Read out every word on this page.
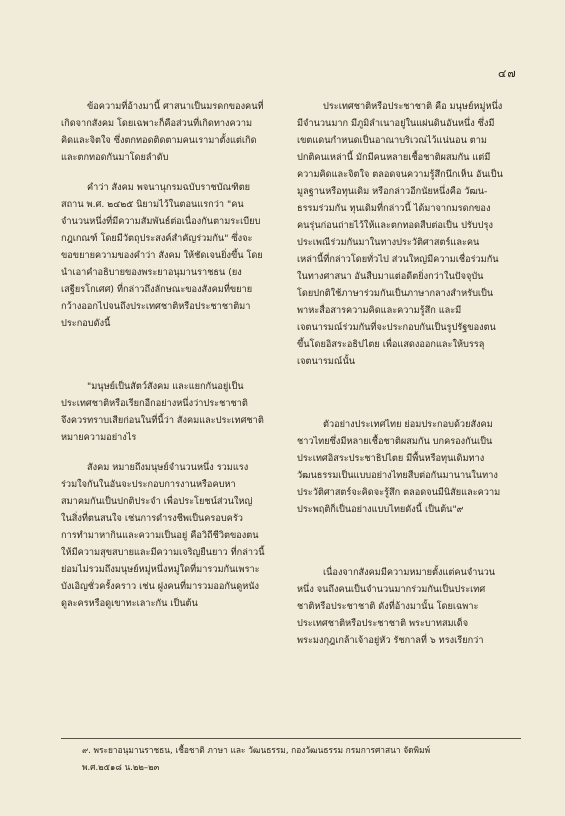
๔๗

ข้อความที่อ้างมานี้ ศาสนาเป็นมรดกของคนที่
เกิดจากสังคม โดยเฉพาะก็คือส่วนที่เกิดทางความ
คิดและจิตใจ ซึ่งตกทอดติดตามคนเรามาตั้งแต่เกิด
และตกทอดกันมาโดยลำดับ

คำว่า สังคม พจนานุกรมฉบับราชบัณฑิตย
สถาน พ.ศ. ๒๔๒๕ นิยามไว้ในตอนแรกว่า "คน
จำนวนหนึ่งที่มีความสัมพันธ์ต่อเนื่องกันตามระเบียบ
กฎเกณฑ์ โดยมีวัตถุประสงค์สำคัญร่วมกัน" ซึ่งจะ
ขอขยายความของคำว่า สังคม ให้ชัดเจนยิ่งขึ้น โดย
นำเอาคำอธิบายของพระยาอนุมานราชธน (ยง
เสฐียรโกเศศ) ที่กล่าวถึงลักษณะของสังคมที่ขยาย
กว้างออกไปจนถึงประเทศชาติหรือประชาชาติมา
ประกอบดังนี้

"มนุษย์เป็นสัตว์สังคม และแยกกันอยู่เป็น
ประเทศชาติหรือเรียกอีกอย่างหนึ่งว่าประชาชาติ
จึงควรทราบเสียก่อนในที่นี้ว่า สังคมและประเทศชาติ
หมายความอย่างไร

สังคม หมายถึงมนุษย์จำนวนหนึ่ง รวมแรง
ร่วมใจกันในอันจะประกอบการงานหรือคบหา
สมาคมกันเป็นปกติประจำ เพื่อประโยชน์ส่วนใหญ่
ในสิ่งที่ตนสนใจ เช่นการดำรงชีพเป็นครอบครัว
การทำมาหากินและความเป็นอยู่ คือวิถีชีวิตของตน
ให้มีความสุขสบายและมีความเจริญยืนยาว ที่กล่าวนี้
ย่อมไม่รวมถึงมนุษย์หมู่หนึ่งหมู่ใดที่มารวมกันเพราะ
บังเอิญชั่วครั้งคราว เช่น ฝูงคนที่มารวมออกันดูหนัง
ดูละครหรือดูเขาทะเลาะกัน เป็นต้น

ประเทศชาติหรือประชาชาติ คือ มนุษย์หมู่หนึ่ง
มีจำนวนมาก มีภูมิลำเนาอยู่ในแผ่นดินอันหนึ่ง ซึ่งมี
เขตแดนกำหนดเป็นอาณาบริเวณไว้แน่นอน ตาม
ปกติคนเหล่านี้ มักมีคนหลายเชื้อชาติผสมกัน แต่มี
ความคิดและจิตใจ ตลอดจนความรู้สึกนึกเห็น อันเป็น
มูลฐานหรือทุนเดิม หรือกล่าวอีกนัยหนึ่งคือ วัฒน-
ธรรมร่วมกัน ทุนเดิมที่กล่าวนี้ ได้มาจากมรดกของ
คนรุ่นก่อนถ่ายไว้ให้และตกทอดสืบต่อเป็น ปรับปรุง
ประเพณีร่วมกันมาในทางประวัติศาสตร์และคน
เหล่านี้ที่กล่าวโดยทั่วไป ส่วนใหญ่มีความเชื่อร่วมกัน
ในทางศาสนา อันสืบมาแต่อดีตยิ่งกว่าในปัจจุบัน
โดยปกติใช้ภาษาร่วมกันเป็นภาษากลางสำหรับเป็น
พาหะสื่อสารความคิดและความรู้สึก และมี
เจตนารมณ์ร่วมกันที่จะประกอบกันเป็นรูปรัฐของตน
ขึ้นโดยอิสระอธิปไตย เพื่อแสดงออกและให้บรรลุ
เจตนารมณ์นั้น

ตัวอย่างประเทศไทย ย่อมประกอบด้วยสังคม
ชาวไทยซึ่งมีหลายเชื้อชาติผสมกัน บกครองกันเป็น
ประเทศอิสระประชาธิปไตย มีพื้นหรือทุนเดิมทาง
วัฒนธรรมเป็นแบบอย่างไทยสืบต่อกันมานานในทาง
ประวัติศาสตร์จะคิดจะรู้สึก ตลอดจนมีนิสัยและความ
ประพฤติก็เป็นอย่างแบบไทยดังนี้ เป็นต้น"๙

เนื่องจากสังคมมีความหมายตั้งแต่คนจำนวน
หนึ่ง จนถึงคนเป็นจำนวนมากร่วมกันเป็นประเทศ
ชาติหรือประชาชาติ ดังที่อ้างมานั้น โดยเฉพาะ
ประเทศชาติหรือประชาชาติ พระบาทสมเด็จ
พระมงกุฎเกล้าเจ้าอยู่หัว รัชกาลที่ ๖ ทรงเรียกว่า

๙. พระยาอนุมานราชธน, เชื้อชาติ ภาษา และ วัฒนธรรม, กองวัฒนธรรม กรมการศาสนา จัดพิมพ์
พ.ศ.๒๕๑๘ น.๒๒–๒๓
